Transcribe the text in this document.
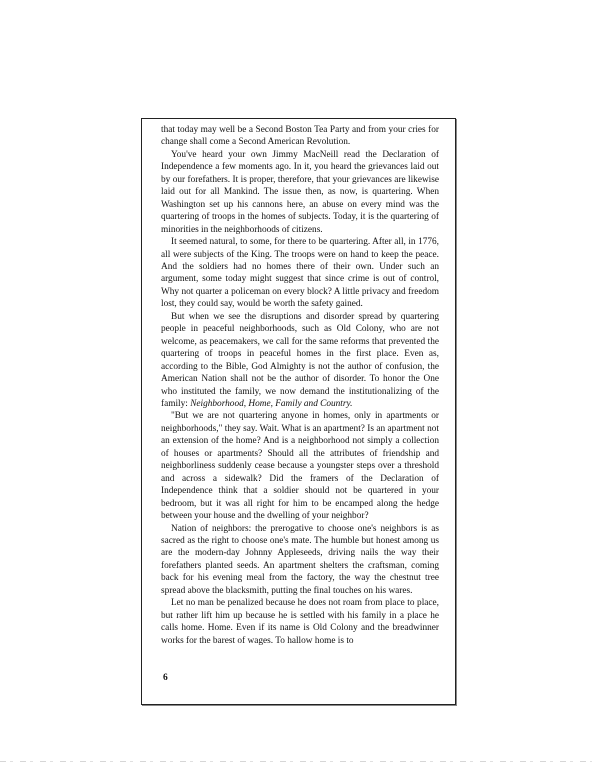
that today may well be a Second Boston Tea Party and from your cries for change shall come a Second American Revolution.

You've heard your own Jimmy MacNeill read the Declaration of Independence a few moments ago. In it, you heard the grievances laid out by our forefathers. It is proper, therefore, that your grievances are likewise laid out for all Mankind. The issue then, as now, is quartering. When Washington set up his cannons here, an abuse on every mind was the quartering of troops in the homes of subjects. Today, it is the quartering of minorities in the neighborhoods of citizens.

It seemed natural, to some, for there to be quartering. After all, in 1776, all were subjects of the King. The troops were on hand to keep the peace. And the soldiers had no homes there of their own. Under such an argument, some today might suggest that since crime is out of control, Why not quarter a policeman on every block? A little privacy and freedom lost, they could say, would be worth the safety gained.

But when we see the disruptions and disorder spread by quartering people in peaceful neighborhoods, such as Old Colony, who are not welcome, as peacemakers, we call for the same reforms that prevented the quartering of troops in peaceful homes in the first place. Even as, according to the Bible, God Almighty is not the author of confusion, the American Nation shall not be the author of disorder. To honor the One who instituted the family, we now demand the institutionalizing of the family: Neighborhood, Home, Family and Country.

"But we are not quartering anyone in homes, only in apartments or neighborhoods," they say. Wait. What is an apartment? Is an apartment not an extension of the home? And is a neighborhood not simply a collection of houses or apartments? Should all the attributes of friendship and neighborliness suddenly cease because a youngster steps over a threshold and across a sidewalk? Did the framers of the Declaration of Independence think that a soldier should not be quartered in your bedroom, but it was all right for him to be encamped along the hedge between your house and the dwelling of your neighbor?

Nation of neighbors: the prerogative to choose one's neighbors is as sacred as the right to choose one's mate. The humble but honest among us are the modern-day Johnny Appleseeds, driving nails the way their forefathers planted seeds. An apartment shelters the craftsman, coming back for his evening meal from the factory, the way the chestnut tree spread above the blacksmith, putting the final touches on his wares.

Let no man be penalized because he does not roam from place to place, but rather lift him up because he is settled with his family in a place he calls home. Home. Even if its name is Old Colony and the breadwinner works for the barest of wages. To hallow home is to

6
